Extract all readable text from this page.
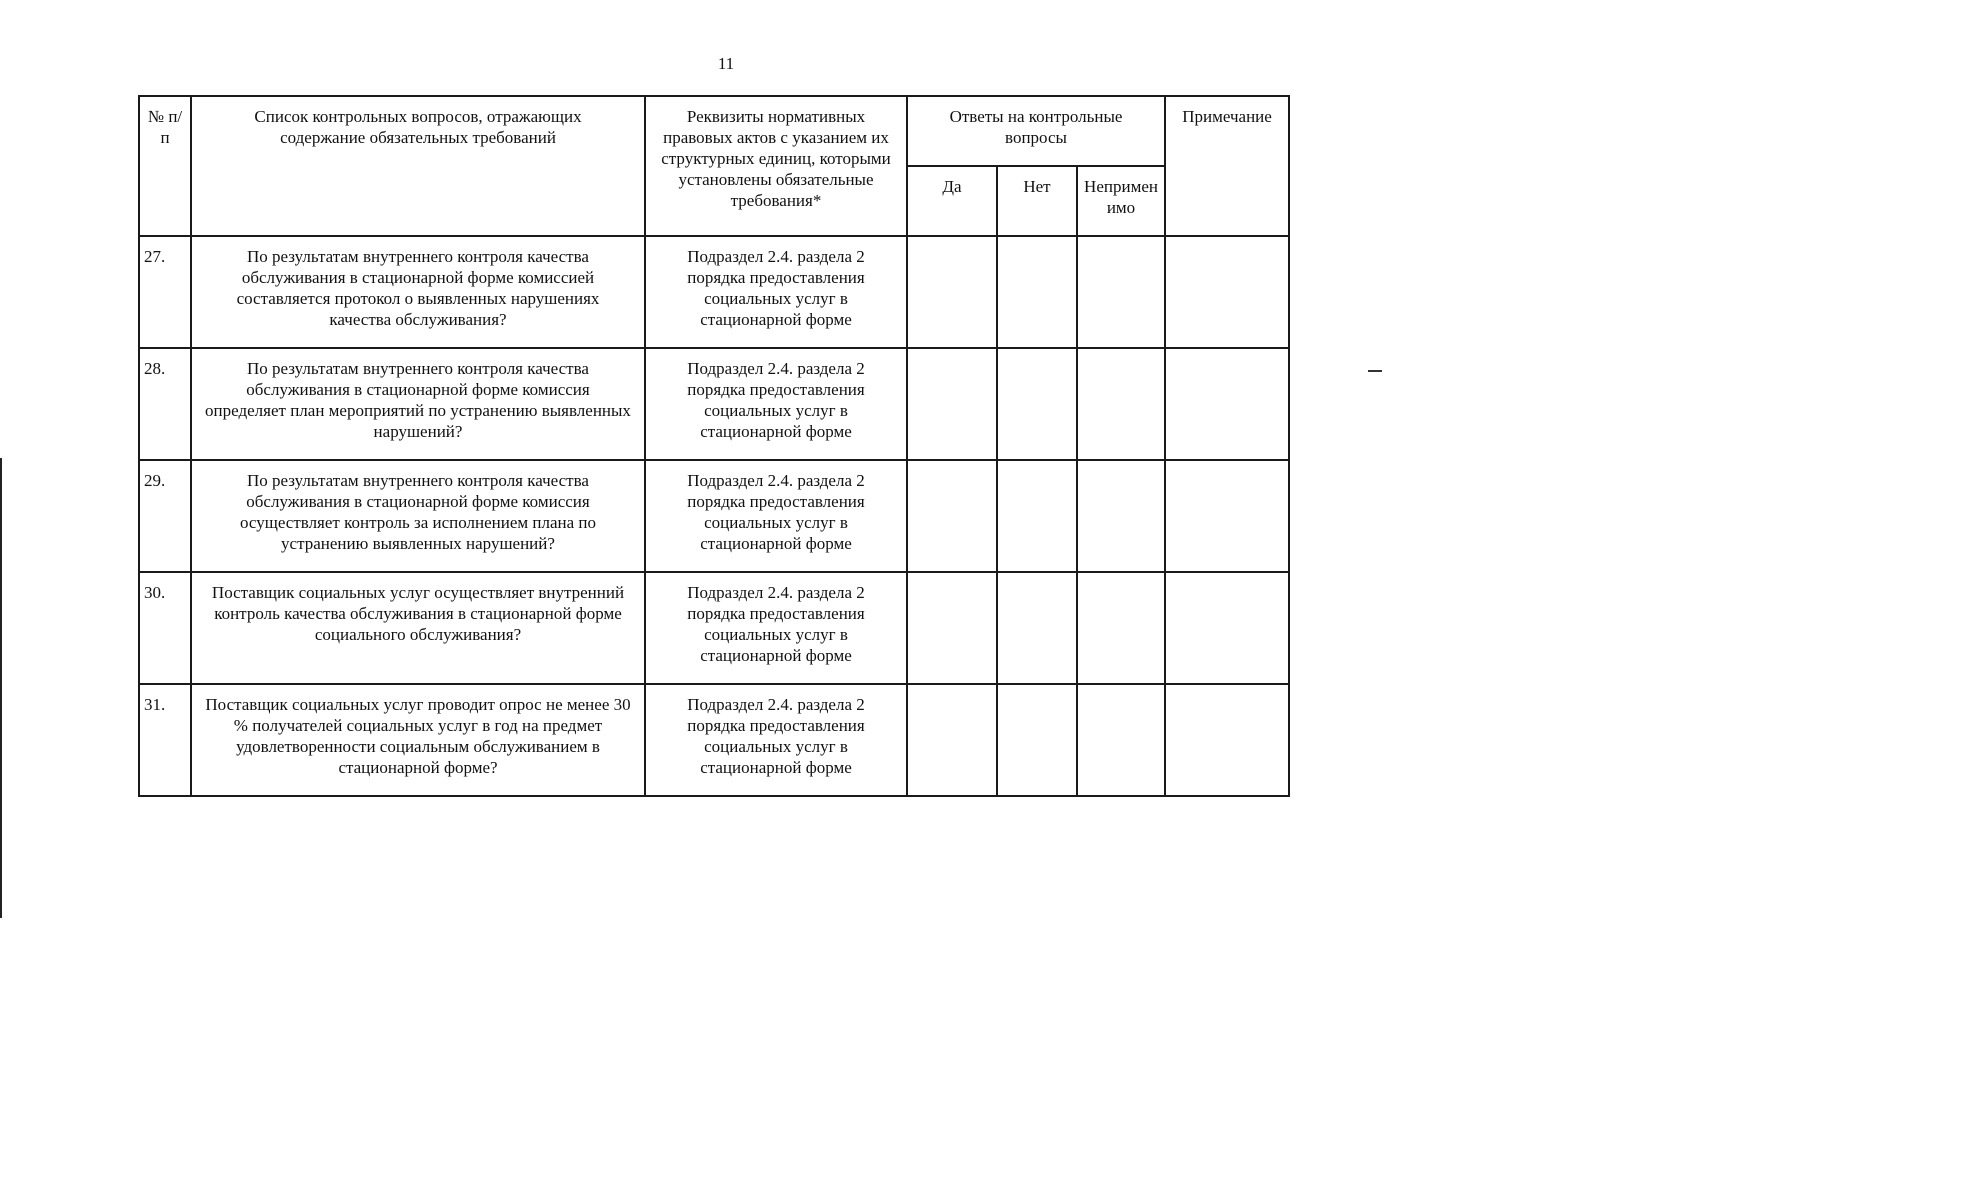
11
№ п/п	Список контрольных вопросов, отражающих содержание обязательных требований	Реквизиты нормативных правовых актов с указанием их структурных единиц, которыми установлены обязательные требования*	Ответы на контрольные вопросы			Примечание
			Да	Нет	Неприменимо	
27.	По результатам внутреннего контроля качества обслуживания в стационарной форме комиссией составляется протокол о выявленных нарушениях качества обслуживания?	Подраздел 2.4. раздела 2 порядка предоставления социальных услуг в стационарной форме				
28.	По результатам внутреннего контроля качества обслуживания в стационарной форме комиссия определяет план мероприятий по устранению выявленных нарушений?	Подраздел 2.4. раздела 2 порядка предоставления социальных услуг в стационарной форме				
29.	По результатам внутреннего контроля качества обслуживания в стационарной форме комиссия осуществляет контроль за исполнением плана по устранению выявленных нарушений?	Подраздел 2.4. раздела 2 порядка предоставления социальных услуг в стационарной форме				
30.	Поставщик социальных услуг осуществляет внутренний контроль качества обслуживания в стационарной форме социального обслуживания?	Подраздел 2.4. раздела 2 порядка предоставления социальных услуг в стационарной форме				
31.	Поставщик социальных услуг проводит опрос не менее 30 % получателей социальных услуг в год на предмет удовлетворенности социальным обслуживанием в стационарной форме?	Подраздел 2.4. раздела 2 порядка предоставления социальных услуг в стационарной форме				
